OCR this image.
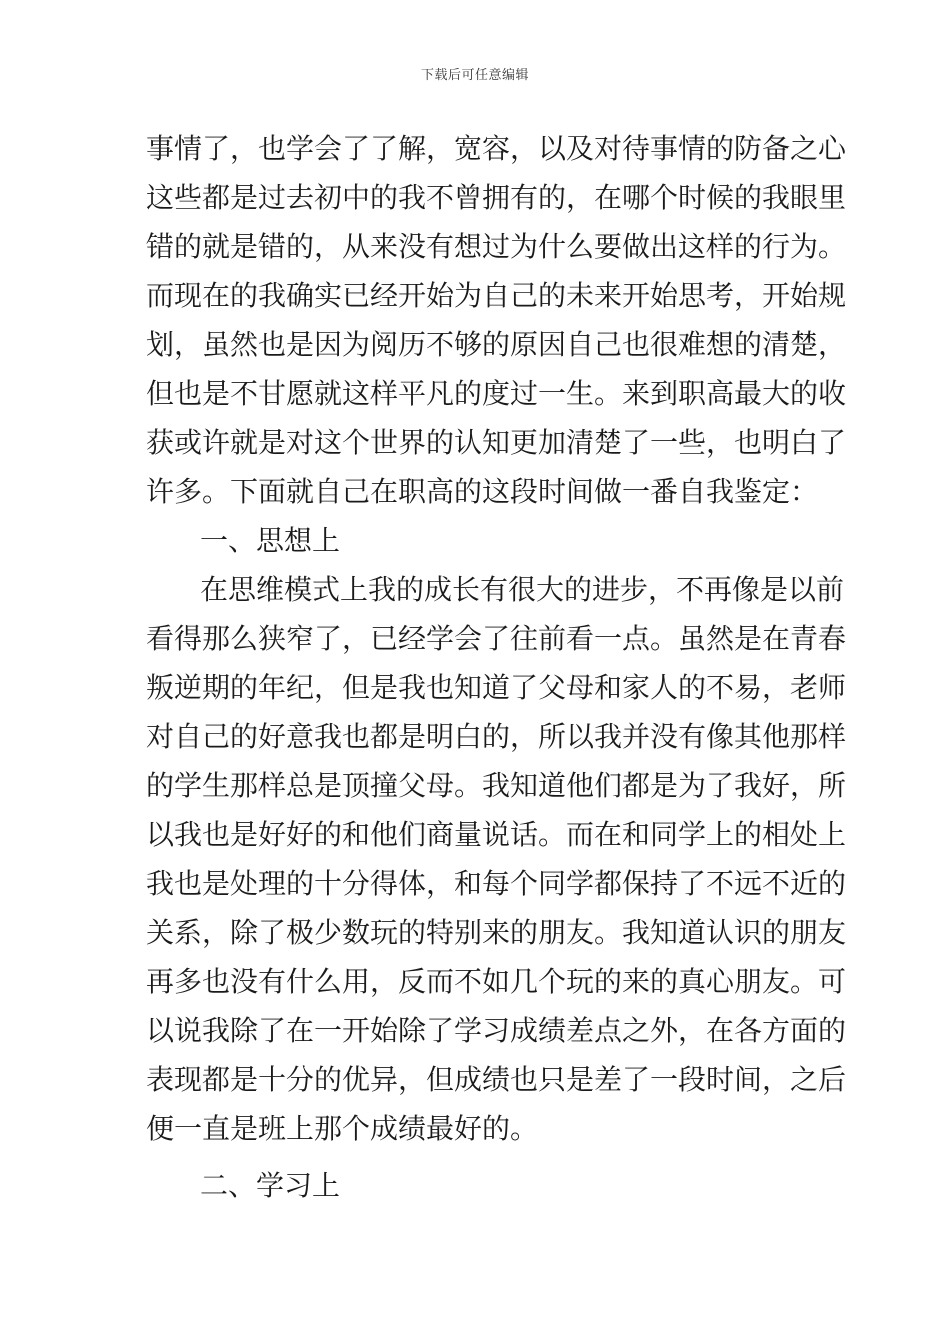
下载后可任意编辑
事情了，也学会了了解，宽容，以及对待事情的防备之心
这些都是过去初中的我不曾拥有的，在哪个时候的我眼里
错的就是错的，从来没有想过为什么要做出这样的行为。
而现在的我确实已经开始为自己的未来开始思考，开始规
划，虽然也是因为阅历不够的原因自己也很难想的清楚，
但也是不甘愿就这样平凡的度过一生。来到职高最大的收
获或许就是对这个世界的认知更加清楚了一些，也明白了
许多。下面就自己在职高的这段时间做一番自我鉴定：
一、思想上
在思维模式上我的成长有很大的进步，不再像是以前
看得那么狭窄了，已经学会了往前看一点。虽然是在青春
叛逆期的年纪，但是我也知道了父母和家人的不易，老师
对自己的好意我也都是明白的，所以我并没有像其他那样
的学生那样总是顶撞父母。我知道他们都是为了我好，所
以我也是好好的和他们商量说话。而在和同学上的相处上
我也是处理的十分得体，和每个同学都保持了不远不近的
关系，除了极少数玩的特别来的朋友。我知道认识的朋友
再多也没有什么用，反而不如几个玩的来的真心朋友。可
以说我除了在一开始除了学习成绩差点之外，在各方面的
表现都是十分的优异，但成绩也只是差了一段时间，之后
便一直是班上那个成绩最好的。
二、学习上
